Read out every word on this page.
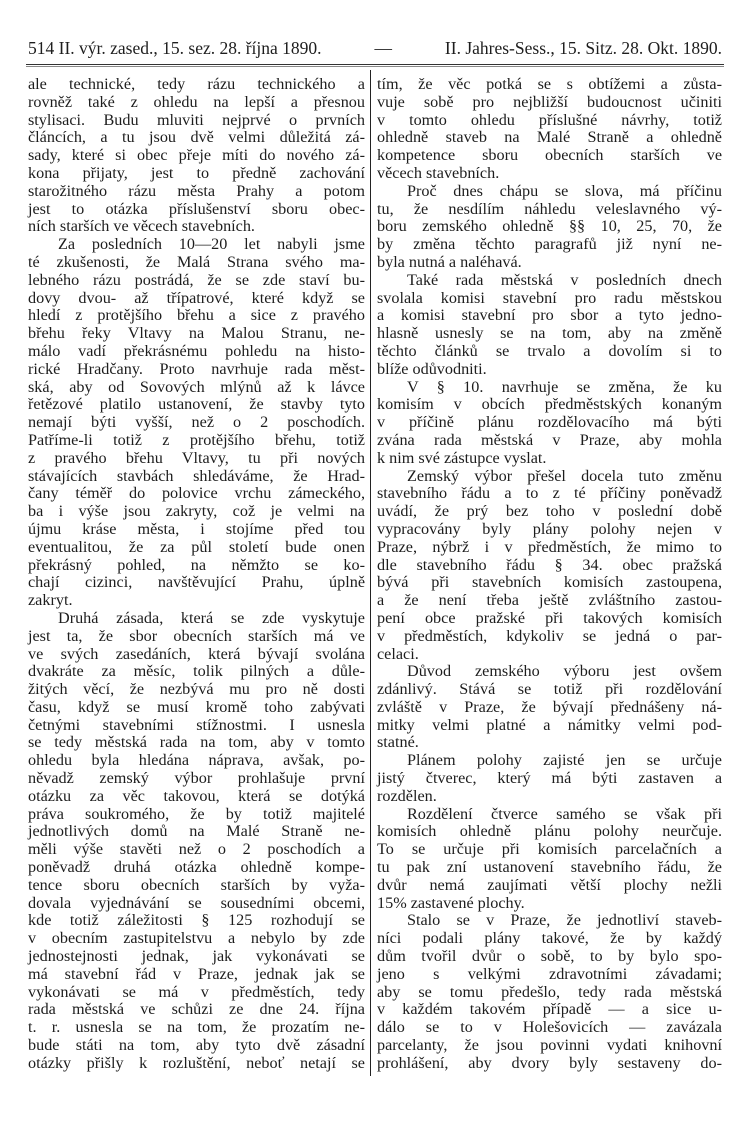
514 II. výr. zased., 15. sez. 28. října 1890.	—	II. Jahres-Sess., 15. Sitz. 28. Okt. 1890.
ale technické, tedy rázu technického a
rovněž také z ohledu na lepší a přesnou
stylisaci. Budu mluviti nejprvé o prvních
článcích, a tu jsou dvě velmi důležitá zá-
sady, které si obec přeje míti do nového zá-
kona přijaty, jest to předně zachování
starožitného rázu města Prahy a potom
jest to otázka příslušenství sboru obec-
ních starších ve věcech stavebních.
Za posledních 10—20 let nabyli jsme
té zkušenosti, že Malá Strana svého ma-
lebného rázu postrádá, že se zde staví bu-
dovy dvou- až třípatrové, které když se
hledí z protějšího břehu a sice z pravého
břehu řeky Vltavy na Malou Stranu, ne-
málo vadí překrásnému pohledu na histo-
rické Hradčany. Proto navrhuje rada měst-
ská, aby od Sovových mlýnů až k lávce
řetězové platilo ustanovení, že stavby tyto
nemají býti vyšší, než o 2 poschodích.
Patříme-li totiž z protějšího břehu, totiž
z pravého břehu Vltavy, tu při nových
stávajících stavbách shledáváme, že Hrad-
čany téměř do polovice vrchu zámeckého,
ba i výše jsou zakryty, což je velmi na
újmu krásе města, i stojíme před tou
eventualitou, že za půl století bude onen
překrásný pohled, na němžto se ko-
chají cizinci, navštěvující Prahu, úplně
zakryt.
Druhá zásada, která se zde vyskytuje
jest ta, že sbor obecních starších má ve
ve svých zasedáních, která bývají svolána
dvakráte za měsíc, tolik pilných a důle-
žitých věcí, že nezbývá mu pro ně dosti
času, když se musí kromě toho zabývati
četnými stavebními stížnostmi. I usnesla
se tedy městská rada na tom, aby v tomto
ohledu byla hledána náprava, avšak, po-
něvadž zemský výbor prohlašuje první
otázku za věc takovou, která se dotýká
práva soukromého, že by totiž majitelé
jednotlivých domů na Malé Straně ne-
měli výše stavěti než o 2 poschodích a
poněvadž druhá otázka ohledně kompe-
tence sboru obecních starších by vyža-
dovala vyjednávání se sousedními obcemi,
kde totiž záležitosti § 125 rozhodují se
v obecním zastupitelstvu a nebylo by zde
jednostejnosti jednak, jak vykonávati se
má stavební řád v Praze, jednak jak se
vykonávati se má v předměstích, tedy
rada městská ve schůzi ze dne 24. října
t. r. usnesla se na tom, že prozatím ne-
bude státi na tom, aby tyto dvě zásadní
otázky přišly k rozluštění, neboť netají se
tím, že věc potká se s obtížemi a zůsta-
vuje sobě pro nejbližší budoucnost učiniti
v tomto ohledu příslušné návrhy, totiž
ohledně staveb na Malé Straně a ohledně
kompetence sboru obecních starších ve
věcech stavebních.
Proč dnes chápu se slova, má příčinu
tu, že nesdílím náhledu veleslavného vý-
boru zemského ohledně §§ 10, 25, 70, že
by změna těchto paragrafů již nyní ne-
byla nutná a naléhavá.
Také rada městská v posledních dnech
svolala komisi stavební pro radu městskou
a komisi stavební pro sbor a tyto jedno-
hlasně usnesly se na tom, aby na změně
těchto článků se trvalo a dovolím si to
blíže odůvodniti.
V § 10. navrhuje se změna, že ku
komisím v obcích předměstských konaným
v příčině plánu rozdělovacího má býti
zvána rada městská v Praze, aby mohla
k nim své zástupce vyslat.
Zemský výbor přešel docela tuto změnu
stavebního řádu a to z té příčiny poněvadž
uvádí, že prý bez toho v poslední době
vypracovány byly plány polohy nejen v
Praze, nýbrž i v předměstích, že mimo to
dle stavebního řádu § 34. obec pražská
bývá při stavebních komisích zastoupena,
a že není třeba ještě zvláštního zastou-
pení obce pražské při takových komisích
v předměstích, kdykoliv se jedná o par-
celaci.
Důvod zemského výboru jest ovšem
zdánlivý. Stává se totiž při rozdělování
zvláště v Praze, že bývají přednášeny ná-
mitky velmi platné a námitky velmi pod-
statné.
Plánem polohy zajisté jen se určuje
jistý čtverec, který má býti zastaven a
rozdělen.
Rozdělení čtverce samého se však při
komisích ohledně plánu polohy neurčuje.
To se určuje při komisích parcelačních a
tu pak zní ustanovení stavebního řádu, že
dvůr nemá zaujímati větší plochy nežli
15% zastavené plochy.
Stalo se v Praze, že jednotliví staveb-
níci podali plány takové, že by každý
dům tvořil dvůr o sobě, to by bylo spo-
jeno s velkými zdravotními závadami;
aby se tomu předešlo, tedy rada městská
v každém takovém případě — a sice u-
dálo se to v Holešovicích — zavázala
parcelanty, že jsou povinni vydati knihovní
prohlášení, aby dvory byly sestaveny do-
